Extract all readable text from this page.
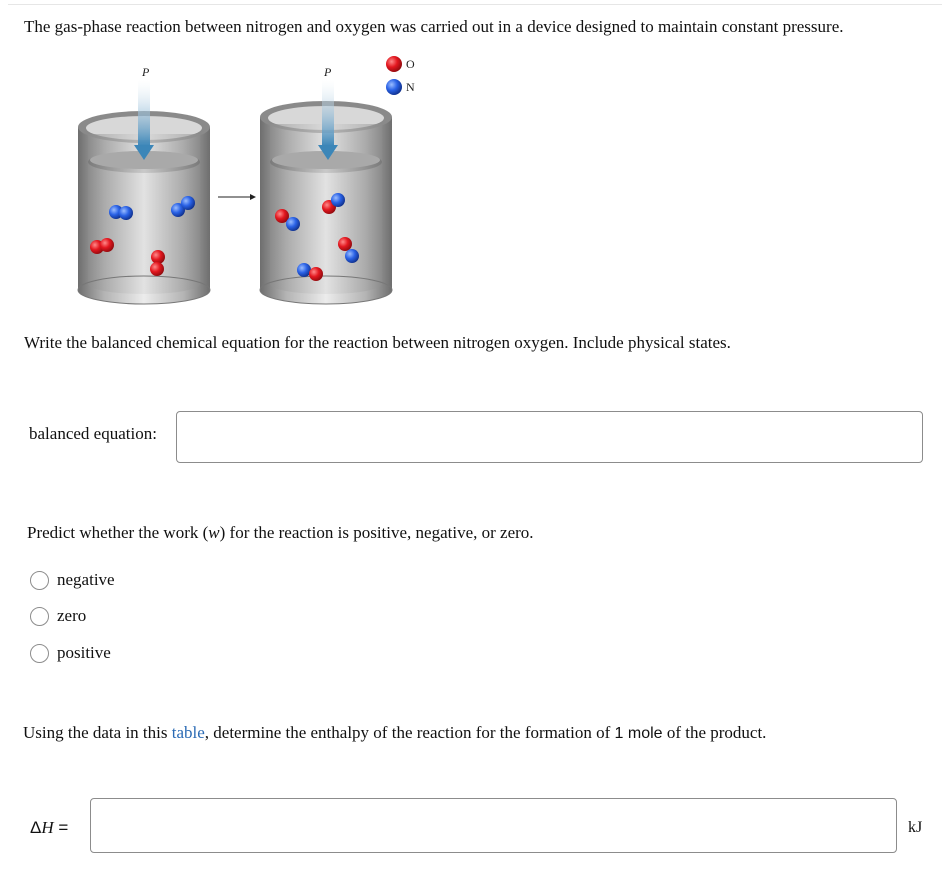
The gas-phase reaction between nitrogen and oxygen was carried out in a device designed to maintain constant pressure.
P	P
O
N
Write the balanced chemical equation for the reaction between nitrogen oxygen. Include physical states.
balanced equation:
Predict whether the work (w) for the reaction is positive, negative, or zero.
negative
zero
positive
Using the data in this table, determine the enthalpy of the reaction for the formation of 1 mole of the product.
ΔH =	kJ
